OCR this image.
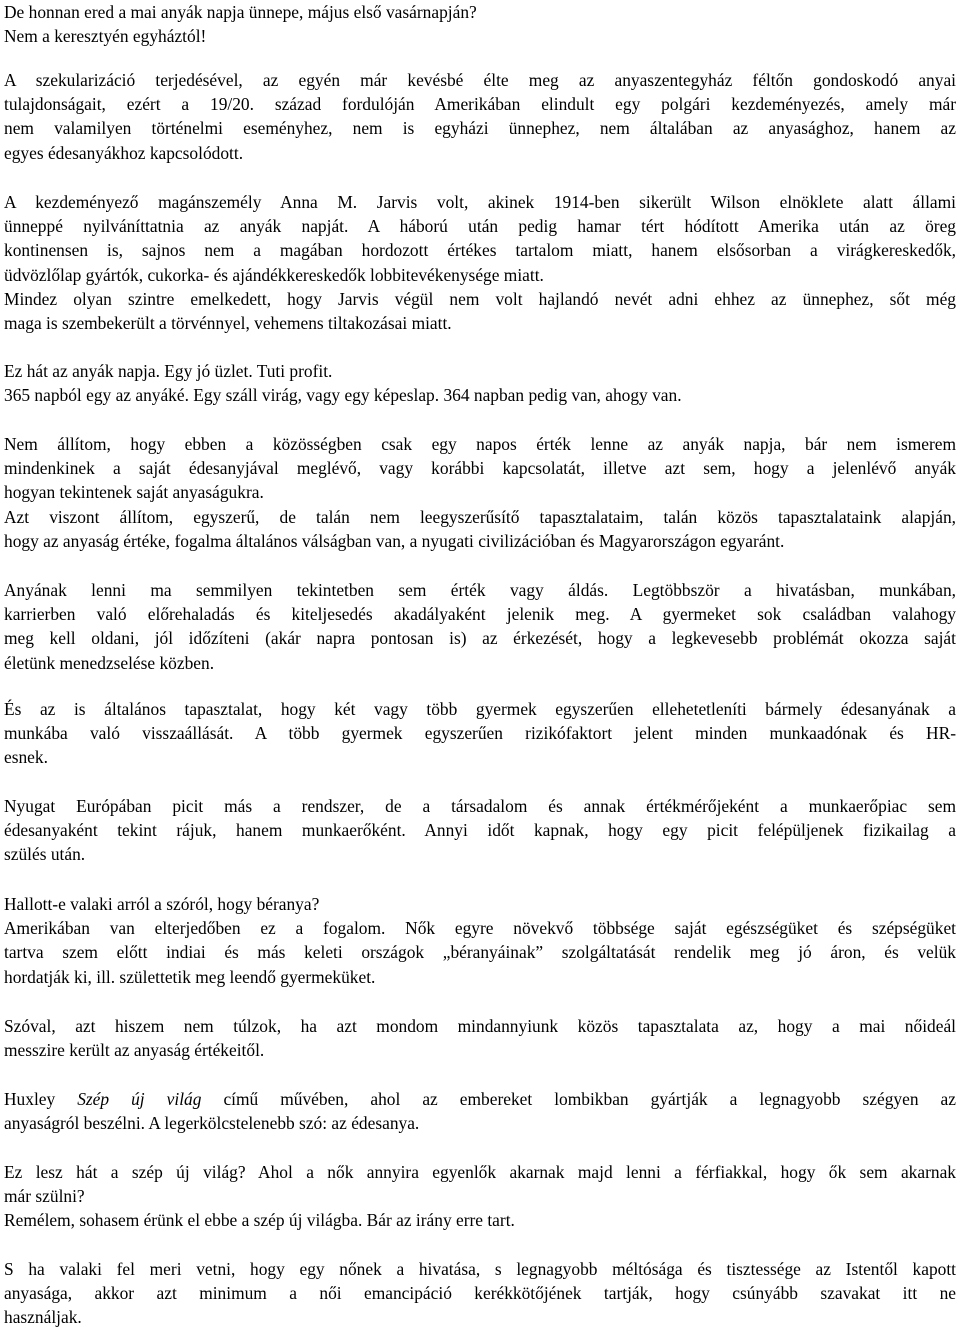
De honnan ered a mai anyák napja ünnepe, május első vasárnapján?
Nem a keresztyén egyháztól!
A szekularizáció terjedésével, az egyén már kevésbé élte meg az anyaszentegyház féltőn gondoskodó anyai
tulajdonságait, ezért a 19/20. század fordulóján Amerikában elindult egy polgári kezdeményezés, amely már
nem valamilyen történelmi eseményhez, nem is egyházi ünnephez, nem általában az anyasághoz, hanem az
egyes édesanyákhoz kapcsolódott.
A kezdeményező magánszemély Anna M. Jarvis volt, akinek 1914-ben sikerült Wilson elnöklete alatt állami
ünneppé nyilváníttatnia az anyák napját. A háború után pedig hamar tért hódított Amerika után az öreg
kontinensen is, sajnos nem a magában hordozott értékes tartalom miatt, hanem elsősorban a virágkereskedők,
üdvözlőlap gyártók, cukorka- és ajándékkereskedők lobbitevékenysége miatt.
Mindez olyan szintre emelkedett, hogy Jarvis végül nem volt hajlandó nevét adni ehhez az ünnephez, sőt még
maga is szembekerült a törvénnyel, vehemens tiltakozásai miatt.
Ez hát az anyák napja. Egy jó üzlet. Tuti profit.
365 napból egy az anyáké. Egy száll virág, vagy egy képeslap. 364 napban pedig van, ahogy van.
Nem állítom, hogy ebben a közösségben csak egy napos érték lenne az anyák napja, bár nem ismerem
mindenkinek a saját édesanyjával meglévő, vagy korábbi kapcsolatát, illetve azt sem, hogy a jelenlévő anyák
hogyan tekintenek saját anyaságukra.
Azt viszont állítom, egyszerű, de talán nem leegyszerűsítő tapasztalataim, talán közös tapasztalataink alapján,
hogy az anyaság értéke, fogalma általános válságban van, a nyugati civilizációban és Magyarországon egyaránt.
Anyának lenni ma semmilyen tekintetben sem érték vagy áldás. Legtöbbször a hivatásban, munkában,
karrierben való előrehaladás és kiteljesedés akadályaként jelenik meg. A gyermeket sok családban valahogy
meg kell oldani, jól időzíteni (akár napra pontosan is) az érkezését, hogy a legkevesebb problémát okozza saját
életünk menedzselése közben.
És az is általános tapasztalat, hogy két vagy több gyermek egyszerűen ellehetetleníti bármely édesanyának a
munkába való visszaállását. A több gyermek egyszerűen rizikófaktort jelent minden munkaadónak és HR-
esnek.
Nyugat Európában picit más a rendszer, de a társadalom és annak értékmérőjeként a munkaerőpiac sem
édesanyaként tekint rájuk, hanem munkaerőként. Annyi időt kapnak, hogy egy picit felépüljenek fizikailag a
szülés után.
Hallott-e valaki arról a szóról, hogy béranya?
Amerikában van elterjedőben ez a fogalom. Nők egyre növekvő többsége saját egészségüket és szépségüket
tartva szem előtt indiai és más keleti országok „béranyáinak” szolgáltatását rendelik meg jó áron, és velük
hordatják ki, ill. születtetik meg leendő gyermeküket.
Szóval, azt hiszem nem túlzok, ha azt mondom mindannyiunk közös tapasztalata az, hogy a mai nőideál
messzire került az anyaság értékeitől.
Huxley Szép új világ című művében, ahol az embereket lombikban gyártják a legnagyobb szégyen az
anyaságról beszélni. A legerkölcstelenebb szó: az édesanya.
Ez lesz hát a szép új világ? Ahol a nők annyira egyenlők akarnak majd lenni a férfiakkal, hogy ők sem akarnak
már szülni?
Remélem, sohasem érünk el ebbe a szép új világba. Bár az irány erre tart.
S ha valaki fel meri vetni, hogy egy nőnek a hivatása, s legnagyobb méltósága és tisztessége az Istentől kapott
anyasága, akkor azt minimum a női emancipáció kerékkötőjének tartják, hogy csúnyább szavakat itt ne
használjak.
